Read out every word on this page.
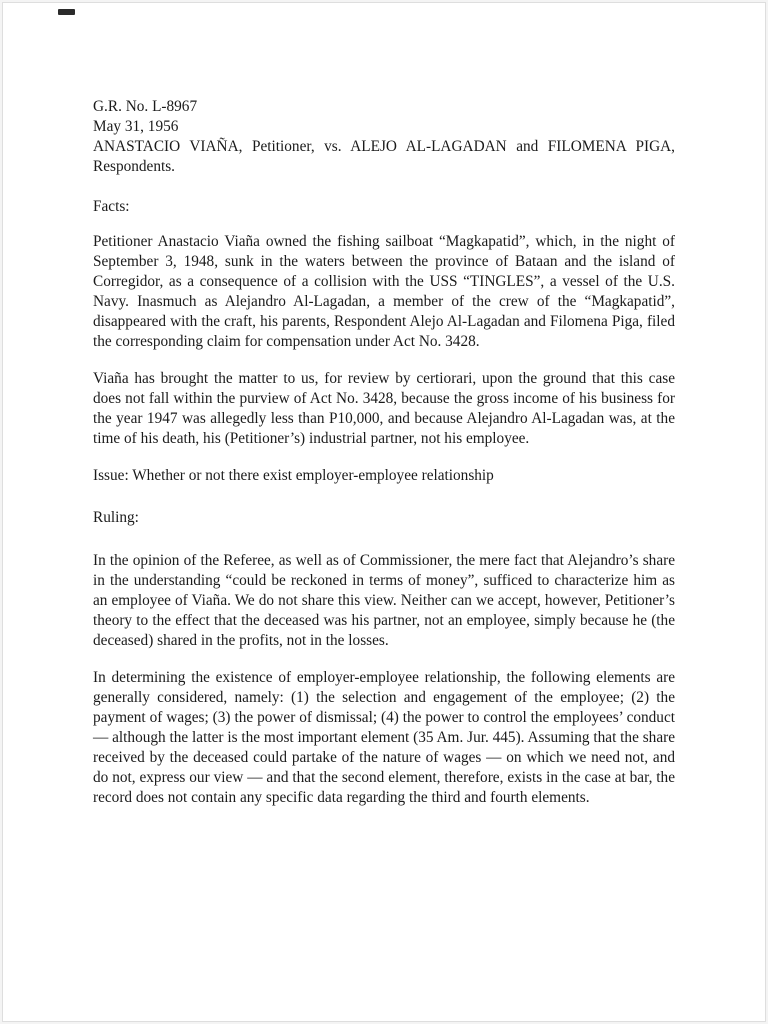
G.R. No. L-8967

May 31, 1956

ANASTACIO VIAÑA, Petitioner, vs. ALEJO AL-LAGADAN and FILOMENA PIGA, Respondents.

Facts:

Petitioner Anastacio Viaña owned the fishing sailboat “Magkapatid”, which, in the night of September 3, 1948, sunk in the waters between the province of Bataan and the island of Corregidor, as a consequence of a collision with the USS “TINGLES”, a vessel of the U.S. Navy. Inasmuch as Alejandro Al-Lagadan, a member of the crew of the “Magkapatid”, disappeared with the craft, his parents, Respondent Alejo Al-Lagadan and Filomena Piga, filed the corresponding claim for compensation under Act No. 3428.

Viaña has brought the matter to us, for review by certiorari, upon the ground that this case does not fall within the purview of Act No. 3428, because the gross income of his business for the year 1947 was allegedly less than P10,000, and because Alejandro Al-Lagadan was, at the time of his death, his (Petitioner’s) industrial partner, not his employee.

Issue: Whether or not there exist employer-employee relationship

Ruling:

In the opinion of the Referee, as well as of Commissioner, the mere fact that Alejandro’s share in the understanding “could be reckoned in terms of money”, sufficed to characterize him as an employee of Viaña. We do not share this view. Neither can we accept, however, Petitioner’s theory to the effect that the deceased was his partner, not an employee, simply because he (the deceased) shared in the profits, not in the losses.

In determining the existence of employer-employee relationship, the following elements are generally considered, namely: (1) the selection and engagement of the employee; (2) the payment of wages; (3) the power of dismissal; (4) the power to control the employees’ conduct — although the latter is the most important element (35 Am. Jur. 445). Assuming that the share received by the deceased could partake of the nature of wages — on which we need not, and do not, express our view — and that the second element, therefore, exists in the case at bar, the record does not contain any specific data regarding the third and fourth elements.
